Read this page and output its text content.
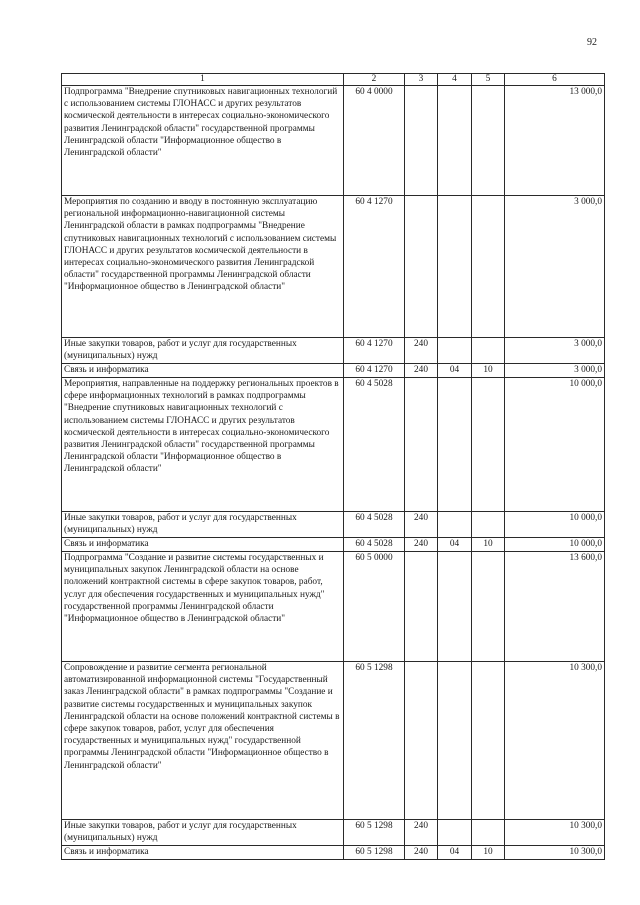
92
1	2	3	4	5	6
Подпрограмма "Внедрение спутниковых навигационных технологий с использованием системы ГЛОНАСС и других результатов космической деятельности в интересах социально-экономического развития Ленинградской области" государственной программы Ленинградской области "Информационное общество в Ленинградской области"	60 4 0000				13 000,0
Мероприятия по созданию и вводу в постоянную эксплуатацию региональной информационно-навигационной системы Ленинградской области в рамках подпрограммы "Внедрение спутниковых навигационных технологий с использованием системы ГЛОНАСС и других результатов космической деятельности в интересах социально-экономического развития Ленинградской области" государственной программы Ленинградской области "Информационное общество в Ленинградской области"	60 4 1270				3 000,0
Иные закупки товаров, работ и услуг для государственных (муниципальных) нужд	60 4 1270	240			3 000,0
Связь и информатика	60 4 1270	240	04	10	3 000,0
Мероприятия, направленные на поддержку региональных проектов в сфере информационных технологий в рамках подпрограммы "Внедрение спутниковых навигационных технологий с использованием системы ГЛОНАСС и других результатов космической деятельности в интересах социально-экономического развития Ленинградской области" государственной программы Ленинградской области "Информационное общество в Ленинградской области"	60 4 5028				10 000,0
Иные закупки товаров, работ и услуг для государственных (муниципальных) нужд	60 4 5028	240			10 000,0
Связь и информатика	60 4 5028	240	04	10	10 000,0
Подпрограмма "Создание и развитие системы государственных и муниципальных закупок Ленинградской области на основе положений контрактной системы в сфере закупок товаров, работ, услуг для обеспечения государственных и муниципальных нужд" государственной программы Ленинградской области "Информационное общество в Ленинградской области"	60 5 0000				13 600,0
Сопровождение и развитие сегмента региональной автоматизированной информационной системы "Государственный заказ Ленинградской области" в рамках подпрограммы "Создание и развитие системы государственных и муниципальных закупок Ленинградской области на основе положений контрактной системы в сфере закупок товаров, работ, услуг для обеспечения государственных и муниципальных нужд" государственной программы Ленинградской области "Информационное общество в Ленинградской области"	60 5 1298				10 300,0
Иные закупки товаров, работ и услуг для государственных (муниципальных) нужд	60 5 1298	240			10 300,0
Связь и информатика	60 5 1298	240	04	10	10 300,0
